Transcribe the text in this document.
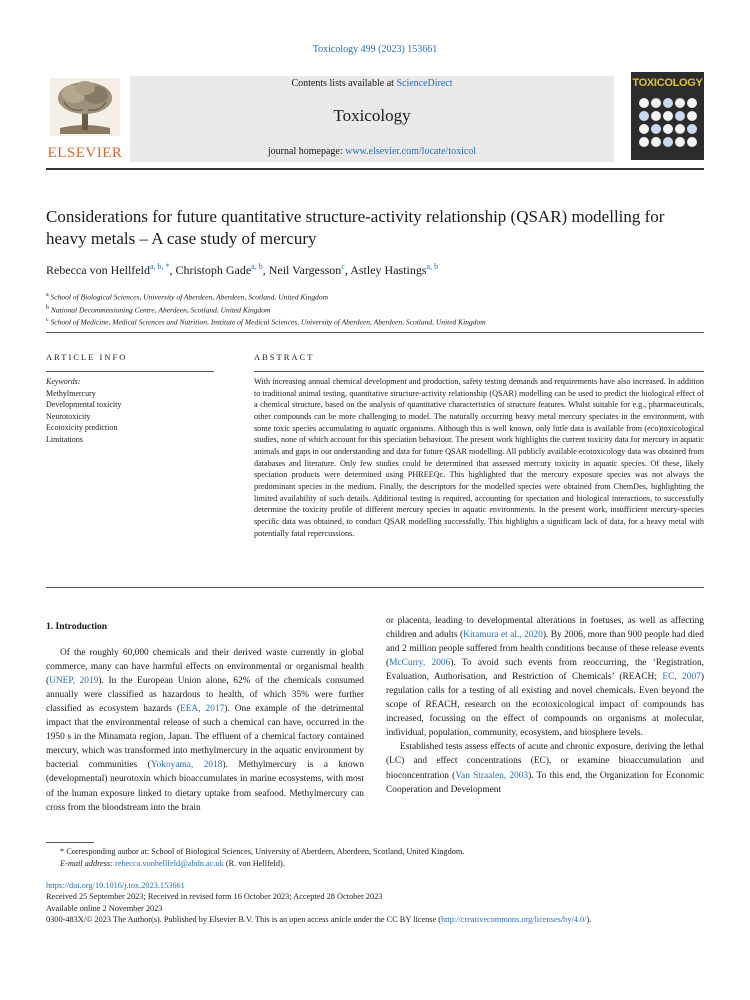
Toxicology 499 (2023) 153661
ELSEVIER
Contents lists available at ScienceDirect
Toxicology
journal homepage: www.elsevier.com/locate/toxicol
TOXICOLOGY
Considerations for future quantitative structure-activity relationship (QSAR) modelling for heavy metals – A case study of mercury
Rebecca von Hellfeld$^{a, b, *}$, Christoph Gade$^{a, b}$, Neil Vargesson$^c$, Astley Hastings$^{a, b}$
$^a$ School of Biological Sciences, University of Aberdeen, Aberdeen, Scotland, United Kingdom
$^b$ National Decommissioning Centre, Aberdeen, Scotland, United Kingdom
$^c$ School of Medicine, Medical Sciences and Nutrition, Institute of Medical Sciences, University of Aberdeen, Aberdeen, Scotland, United Kingdom
ARTICLE INFO	ABSTRACT
Keywords:
Methylmercury
Developmental toxicity
Neurotoxicity
Ecotoxicity prediction
Limitations
With increasing annual chemical development and production, safety testing demands and requirements have also increased. In addition to traditional animal testing, quantitative structure-activity relationship (QSAR) modelling can be used to predict the biological effect of a chemical structure, based on the analysis of quantitative characteristics of structure features. Whilst suitable for e.g., pharmaceuticals, other compounds can be more challenging to model. The naturally occurring heavy metal mercury speciates in the environment, with some toxic species accumulating in aquatic organisms. Although this is well known, only little data is available from (eco)toxicological studies, none of which account for this speciation behaviour. The present work highlights the current toxicity data for mercury in aquatic animals and gaps in our understanding and data for future QSAR modelling. All publicly available ecotoxicology data was obtained from databases and literature. Only few studies could be determined that assessed mercury toxicity in aquatic species. Of these, likely speciation products were determined using PHREEQc. This highlighted that the mercury exposure species was not always the predominant species in the medium. Finally, the descriptors for the modelled species were obtained from ChemDes, highlighting the limited availability of such details. Additional testing is required, accounting for speciation and biological interactions, to successfully determine the toxicity profile of different mercury species in aquatic environments. In the present work, insufficient mercury-species specific data was obtained, to conduct QSAR modelling successfully. This highlights a significant lack of data, for a heavy metal with potentially fatal repercussions.

1. Introduction

Of the roughly 60,000 chemicals and their derived waste currently in global commerce, many can have harmful effects on environmental or organismal health (UNEP, 2019). In the European Union alone, 62% of the chemicals consumed annually were classified as hazardous to health, of which 35% were further classified as ecosystem hazards (EEA, 2017). One example of the detrimental impact that the environmental release of such a chemical can have, occurred in the 1950 s in the Minamata region, Japan. The effluent of a chemical factory contained mercury, which was transformed into methylmercury in the aquatic environment by bacterial communities (Yokoyama, 2018). Methylmercury is a known (developmental) neurotoxin which bioaccumulates in marine ecosystems, with most of the human exposure linked to dietary uptake from seafood. Methylmercury can cross from the bloodstream into the brain

or placenta, leading to developmental alterations in foetuses, as well as affecting children and adults (Kitamura et al., 2020). By 2006, more than 900 people had died and 2 million people suffered from health conditions because of these release events (McCurry, 2006). To avoid such events from reoccurring, the ‘Registration, Evaluation, Authorisation, and Restriction of Chemicals’ (REACH; EC, 2007) regulation calls for a testing of all existing and novel chemicals. Even beyond the scope of REACH, research on the ecotoxicological impact of compounds has increased, focussing on the effect of compounds on organisms at molecular, individual, population, community, ecosystem, and biosphere levels.

Established tests assess effects of acute and chronic exposure, deriving the lethal (LC) and effect concentrations (EC), or examine bioaccumulation and bioconcentration (Van Straalen, 2003). To this end, the Organization for Economic Cooperation and Development

* Corresponding author at: School of Biological Sciences, University of Aberdeen, Aberdeen, Scotland, United Kingdom.
E-mail address: rebecca.vonhellfeld@abdn.ac.uk (R. von Hellfeld).
https://doi.org/10.1016/j.tox.2023.153661
Received 25 September 2023; Received in revised form 16 October 2023; Accepted 28 October 2023
Available online 2 November 2023
0300-483X/© 2023 The Author(s). Published by Elsevier B.V. This is an open access article under the CC BY license (http://creativecommons.org/licenses/by/4.0/).
